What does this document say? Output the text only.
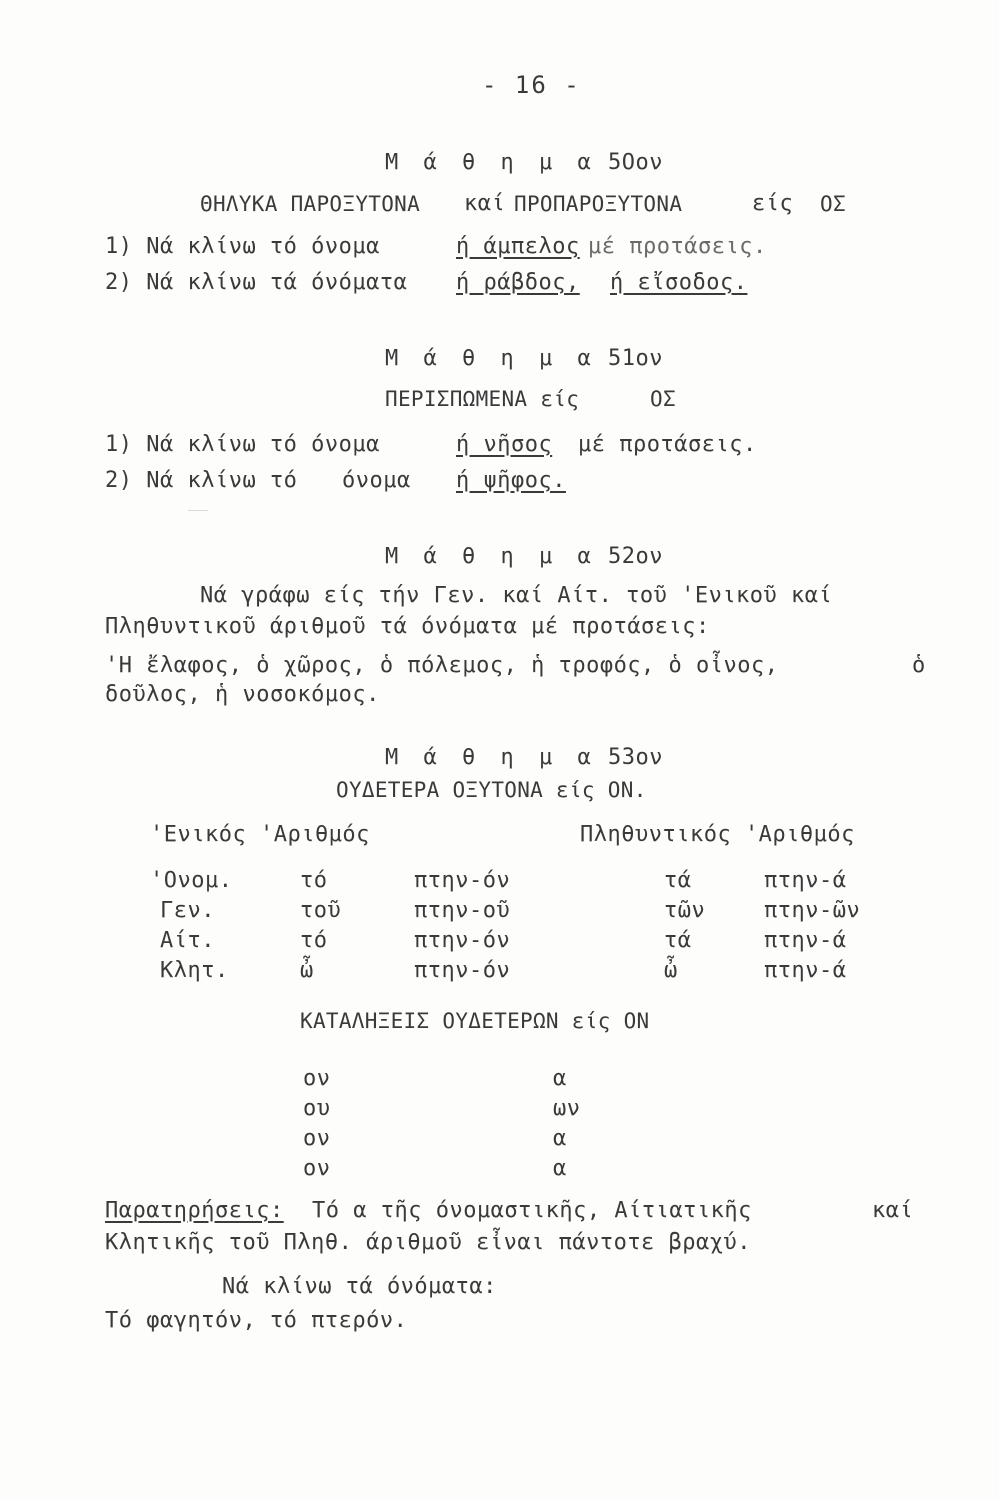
- 16 -
Μ ά θ η μ α 5Οον
ΘΗΛΥΚΑ ΠΑΡΟΞΥΤΟΝΑ καί ΠΡΟΠΑΡΟΞΥΤΟΝΑ	είς ΟΣ
1) Νά κλίνω τό όνομα	ή άμπελος μέ προτάσεις.
2) Νά κλίνω τά όνόματα ή ράβδος, ή εἴσοδος.
Μ ά θ η μ α 51ον
ΠΕΡΙΣΠΩΜΕΝΑ είς	ΟΣ
1) Νά κλίνω τό όνομα	ή νῆσος μέ προτάσεις.
2) Νά κλίνω τό όνομα ή ψῆφος.
Μ ά θ η μ α 52ον
Νά γράφω είς τήν Γεν. καί Αίτ. τοῦ 'Ενικοῦ καί
Πληθυντικοῦ άριθμοῦ τά όνόματα μέ προτάσεις:
'Η ἔλαφος, ὁ χῶρος, ὁ πόλεμος, ἡ τροφός, ὁ οἶνος,	ὁ
δοῦλος, ἡ νοσοκόμος.
Μ ά θ η μ α 53ον
ΟΥΔΕΤΕΡΑ ΟΞΥΤΟΝΑ είς ΟΝ.
'Ενικός 'Αριθμός	Πληθυντικός 'Αριθμός
'Ονομ.	τό	πτην-όν	τά	πτην-ά
Γεν.	τοῦ	πτην-οῦ	τῶν	πτην-ῶν
Αίτ.	τό	πτην-όν	τά	πτην-ά
Κλητ.	ὦ	πτην-όν	ὦ	πτην-ά
ΚΑΤΑΛΗΞΕΙΣ ΟΥΔΕΤΕΡΩΝ είς ΟΝ
ον	α
ου	ων
ον	α
ον	α
Παρατηρήσεις: Τό α τῆς όνομαστικῆς, Αίτιατικῆς	καί
Κλητικῆς τοῦ Πληθ. άριθμοῦ εἶναι πάντοτε βραχύ.
Νά κλίνω τά όνόματα:
Τό φαγητόν, τό πτερόν.
